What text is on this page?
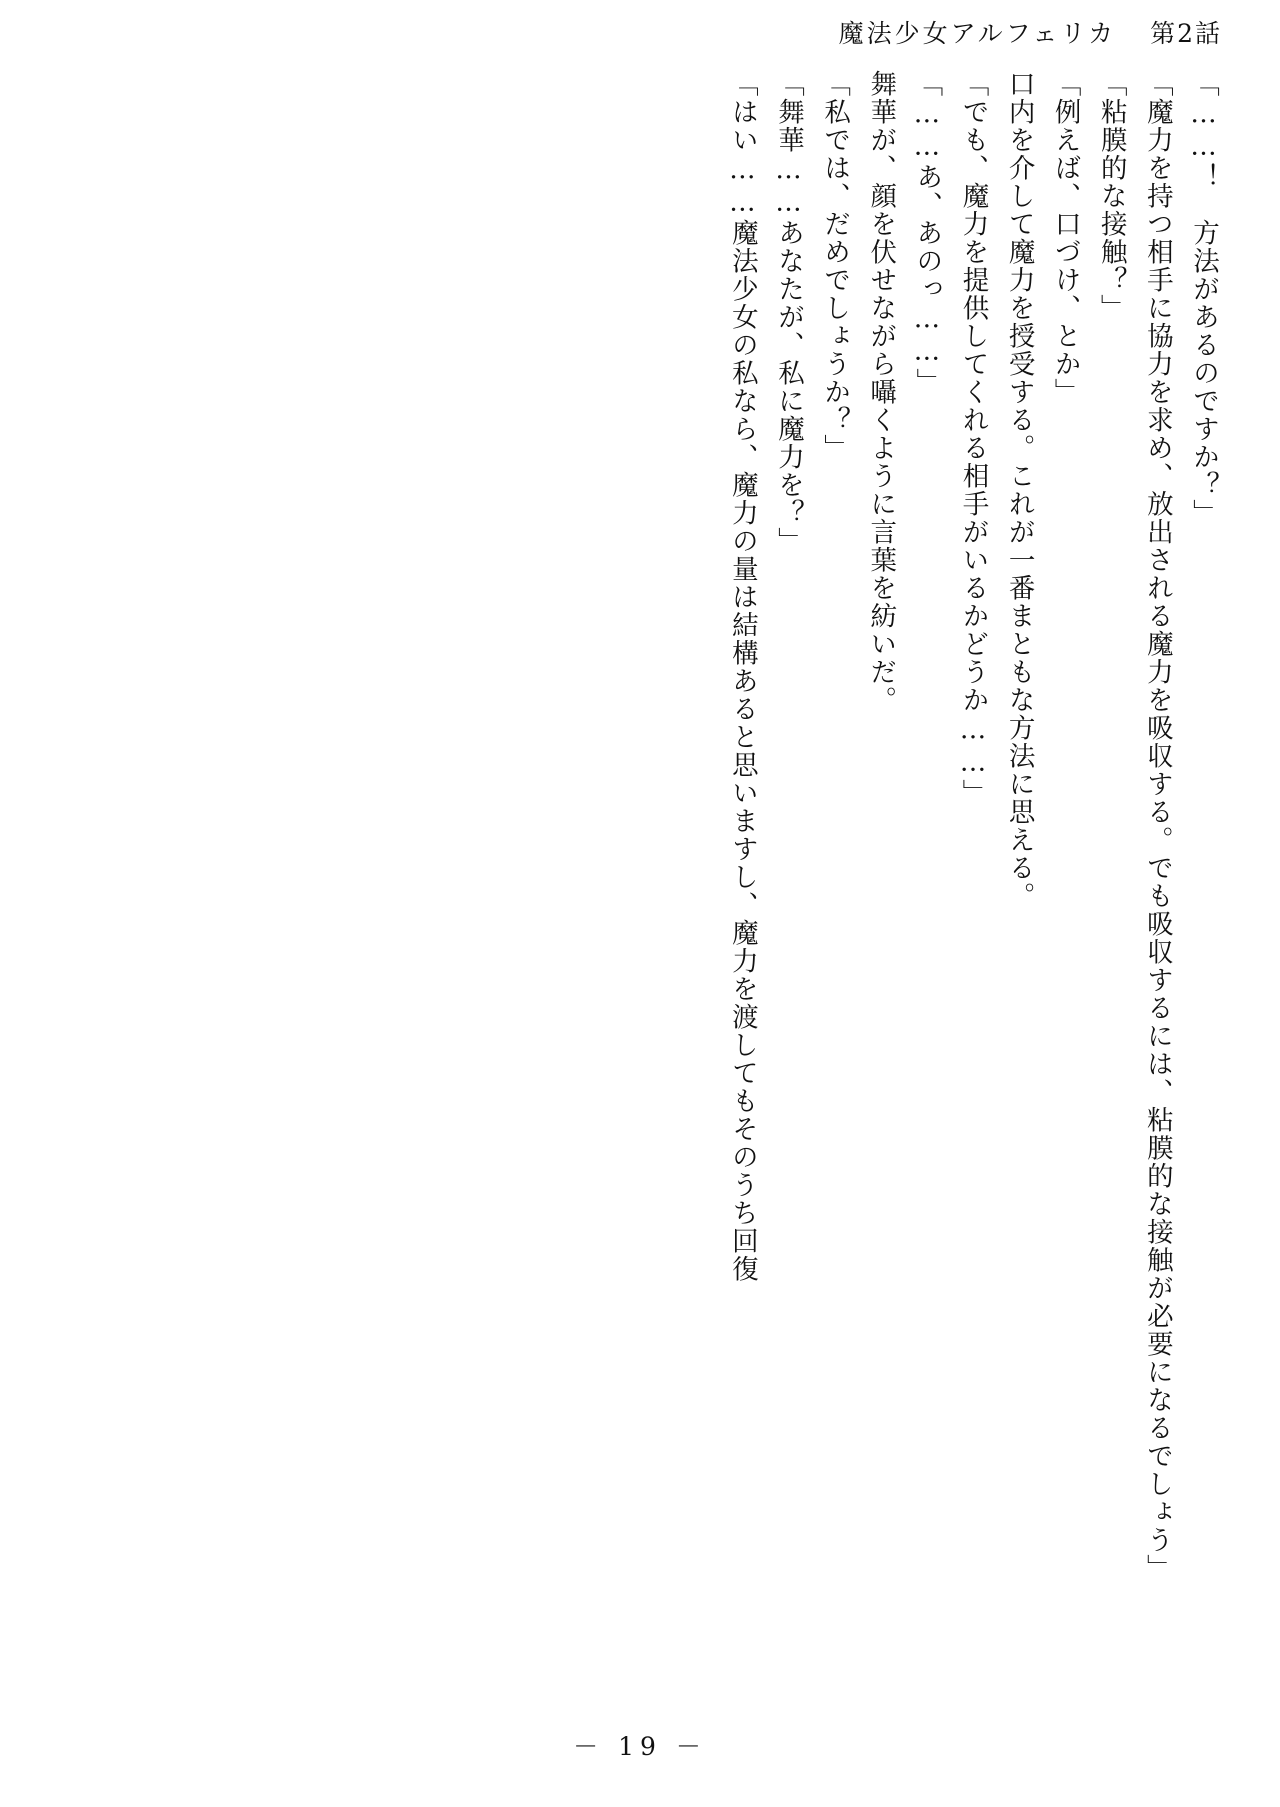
魔法少女アルフェリカ 第2話

「……！　方法があるのですか？」

「魔力を持つ相手に協力を求め、放出される魔力を吸収する。でも吸収するには、粘膜的な接触が必要になるでしょう」

「粘膜的な接触？」

「例えば、口づけ、とか」

口内を介して魔力を授受する。これが一番まともな方法に思える。

「でも、魔力を提供してくれる相手がいるかどうか……」

「……あ、あのっ……」

舞華が、顔を伏せながら囁くように言葉を紡いだ。

「私では、だめでしょうか？」

「舞華……あなたが、私に魔力を？」

「はい……魔法少女の私なら、魔力の量は結構あると思いますし、魔力を渡してもそのうち回復

－ 19 －
